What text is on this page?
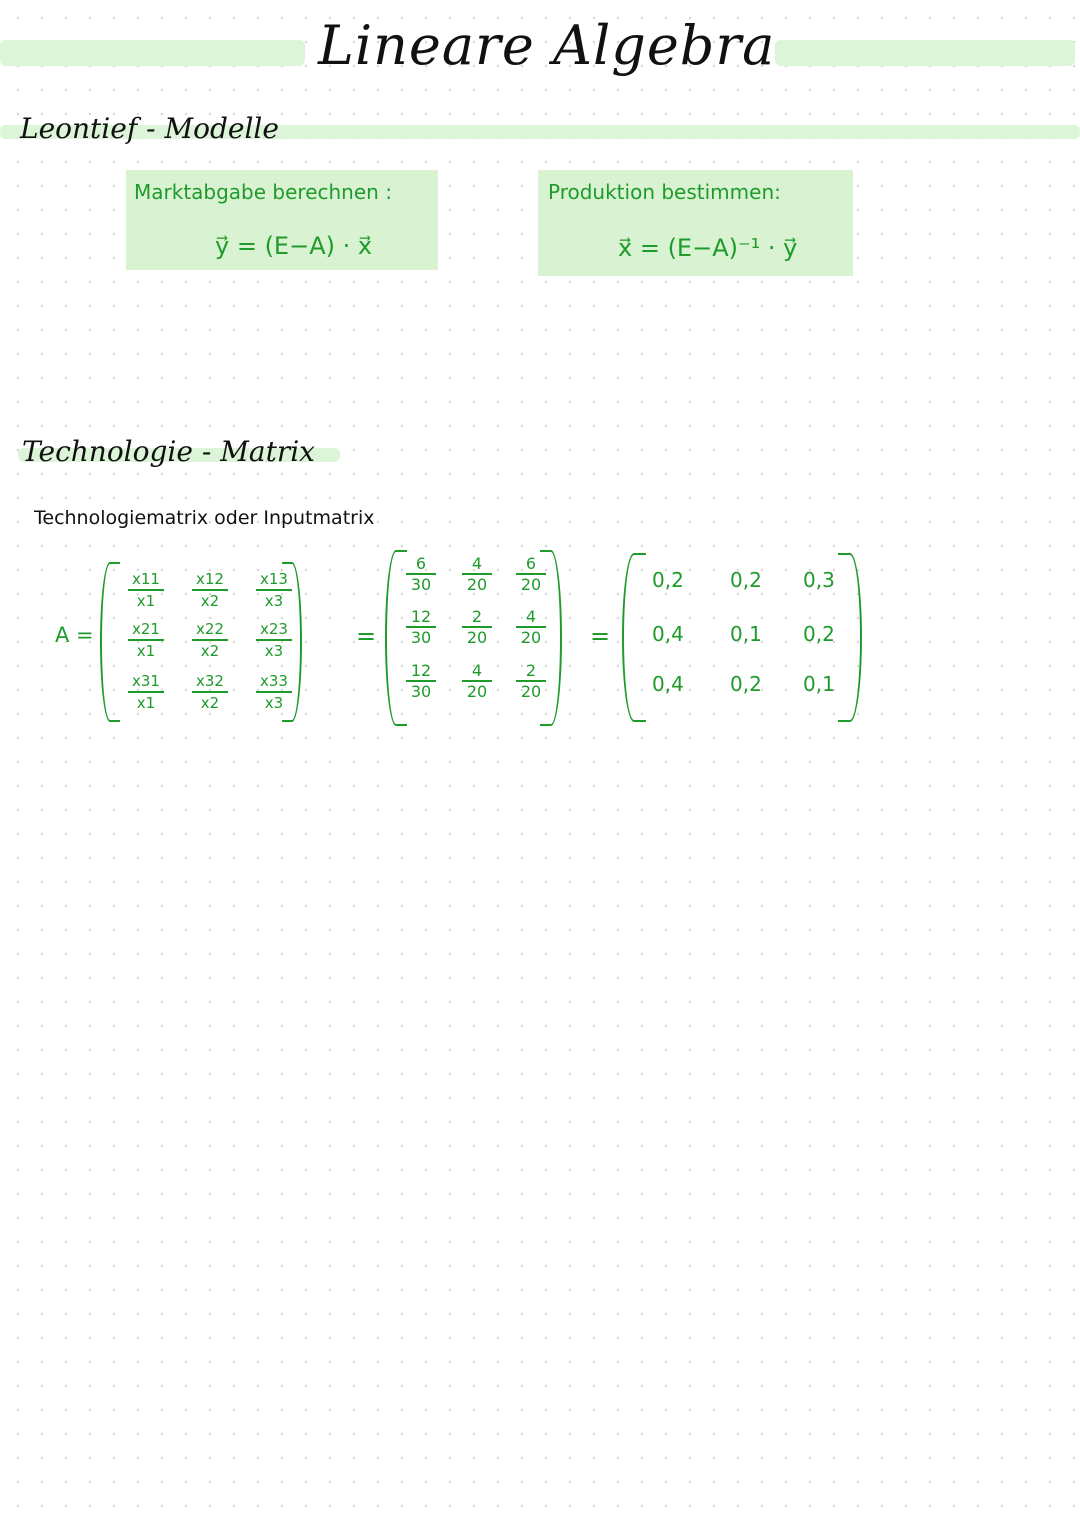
Lineare Algebra
Leontief - Modelle
Marktabgabe berechnen :
y⃗ = (E−A) · x⃗
Produktion bestimmen:
x⃗ = (E−A)⁻¹ · y⃗
Technologie - Matrix
Technologiematrix oder Inputmatrix
A =
x11
x1
x12
x2
x13
x3
x21
x1
x22
x2
x23
x3
x31
x1
x32
x2
x33
x3
=
6
30
4
20
6
20
12
30
2
20
4
20
12
30
4
20
2
20
=
0,2 0,2 0,3
0,4 0,1 0,2
0,4 0,2 0,1
